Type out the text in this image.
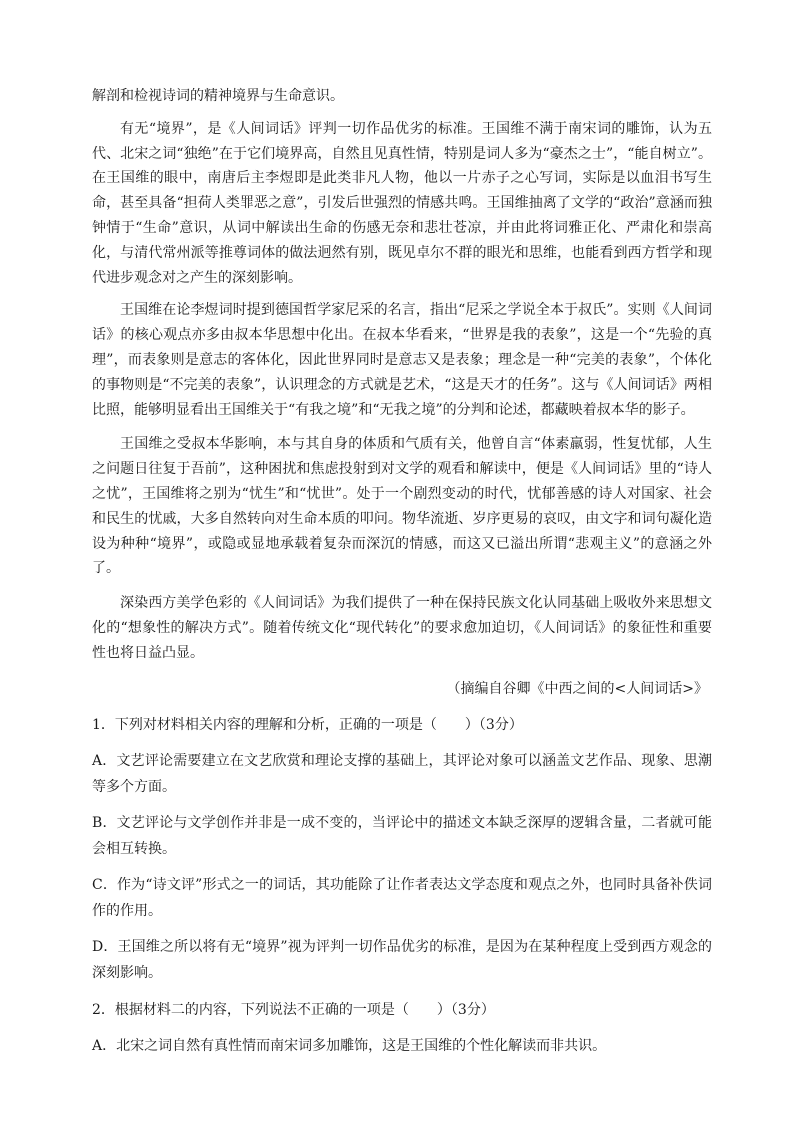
解剖和检视诗词的精神境界与生命意识。

有无“境界”，是《人间词话》评判一切作品优劣的标准。王国维不满于南宋词的雕饰，认为五代、北宋之词“独绝”在于它们境界高，自然且见真性情，特别是词人多为“豪杰之士”，“能自树立”。在王国维的眼中，南唐后主李煜即是此类非凡人物，他以一片赤子之心写词，实际是以血泪书写生命，甚至具备“担荷人类罪恶之意”，引发后世强烈的情感共鸣。王国维抽离了文学的“政治”意涵而独钟情于“生命”意识，从词中解读出生命的伤感无奈和悲壮苍凉，并由此将词雅正化、严肃化和崇高化，与清代常州派等推尊词体的做法迥然有别，既见卓尔不群的眼光和思维，也能看到西方哲学和现代进步观念对之产生的深刻影响。

王国维在论李煜词时提到德国哲学家尼采的名言，指出“尼采之学说全本于叔氏”。实则《人间词话》的核心观点亦多由叔本华思想中化出。在叔本华看来，“世界是我的表象”，这是一个“先验的真理”，而表象则是意志的客体化，因此世界同时是意志又是表象；理念是一种“完美的表象”，个体化的事物则是“不完美的表象”，认识理念的方式就是艺术，“这是天才的任务”。这与《人间词话》两相比照，能够明显看出王国维关于“有我之境”和“无我之境”的分判和论述，都藏映着叔本华的影子。

王国维之受叔本华影响，本与其自身的体质和气质有关，他曾自言“体素羸弱，性复忧郁，人生之问题日往复于吾前”，这种困扰和焦虑投射到对文学的观看和解读中，便是《人间词话》里的“诗人之忧”，王国维将之别为“忧生”和“忧世”。处于一个剧烈变动的时代，忧郁善感的诗人对国家、社会和民生的忧戚，大多自然转向对生命本质的叩问。物华流逝、岁序更易的哀叹，由文字和词句凝化造设为种种“境界”，或隐或显地承载着复杂而深沉的情感，而这又已溢出所谓“悲观主义”的意涵之外了。

深染西方美学色彩的《人间词话》为我们提供了一种在保持民族文化认同基础上吸收外来思想文化的“想象性的解决方式”。随着传统文化“现代转化”的要求愈加迫切，《人间词话》的象征性和重要性也将日益凸显。

（摘编自谷卿《中西之间的<人间词话>》

1．下列对材料相关内容的理解和分析，正确的一项是（　　）（3分）

A．文艺评论需要建立在文艺欣赏和理论支撑的基础上，其评论对象可以涵盖文艺作品、现象、思潮等多个方面。

B．文艺评论与文学创作并非是一成不变的，当评论中的描述文本缺乏深厚的逻辑含量，二者就可能会相互转换。

C．作为“诗文评”形式之一的词话，其功能除了让作者表达文学态度和观点之外，也同时具备补佚词作的作用。

D．王国维之所以将有无“境界”视为评判一切作品优劣的标准，是因为在某种程度上受到西方观念的深刻影响。

2．根据材料二的内容，下列说法不正确的一项是（　　）（3分）

A．北宋之词自然有真性情而南宋词多加雕饰，这是王国维的个性化解读而非共识。
